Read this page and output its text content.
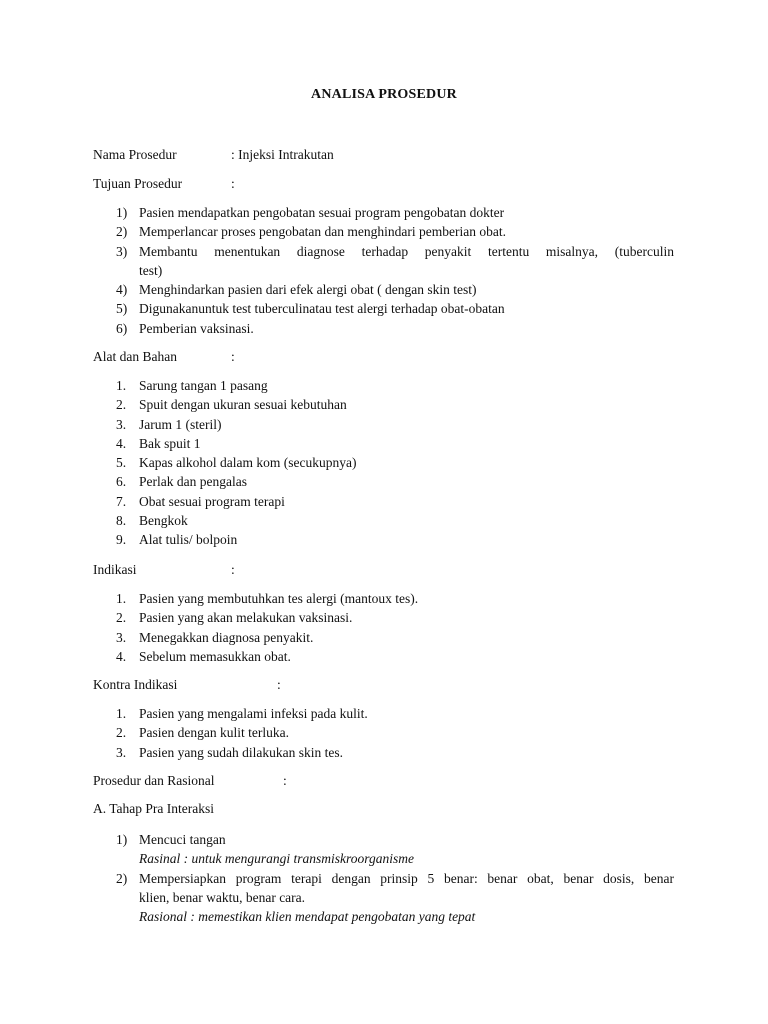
ANALISA PROSEDUR
Nama Prosedur	: Injeksi Intrakutan
Tujuan Prosedur	:
1) Pasien mendapatkan pengobatan sesuai program pengobatan dokter
2) Memperlancar proses pengobatan dan menghindari pemberian obat.
3) Membantu menentukan diagnose terhadap penyakit tertentu misalnya, (tuberculin
test)
4) Menghindarkan pasien dari efek alergi obat ( dengan skin test)
5) Digunakanuntuk test tuberculinatau test alergi terhadap obat-obatan
6) Pemberian vaksinasi.
Alat dan Bahan	:
1. Sarung tangan 1 pasang
2. Spuit dengan ukuran sesuai kebutuhan
3. Jarum 1 (steril)
4. Bak spuit 1
5. Kapas alkohol dalam kom (secukupnya)
6. Perlak dan pengalas
7. Obat sesuai program terapi
8. Bengkok
9. Alat tulis/ bolpoin
Indikasi	:
1. Pasien yang membutuhkan tes alergi (mantoux tes).
2. Pasien yang akan melakukan vaksinasi.
3. Menegakkan diagnosa penyakit.
4. Sebelum memasukkan obat.
Kontra Indikasi	:
1. Pasien yang mengalami infeksi pada kulit.
2. Pasien dengan kulit terluka.
3. Pasien yang sudah dilakukan skin tes.
Prosedur dan Rasional	:
A. Tahap Pra Interaksi
1) Mencuci tangan
Rasinal : untuk mengurangi transmiskroorganisme
2) Mempersiapkan program terapi dengan prinsip 5 benar: benar obat, benar dosis, benar
klien, benar waktu, benar cara.
Rasional : memestikan klien mendapat pengobatan yang tepat
